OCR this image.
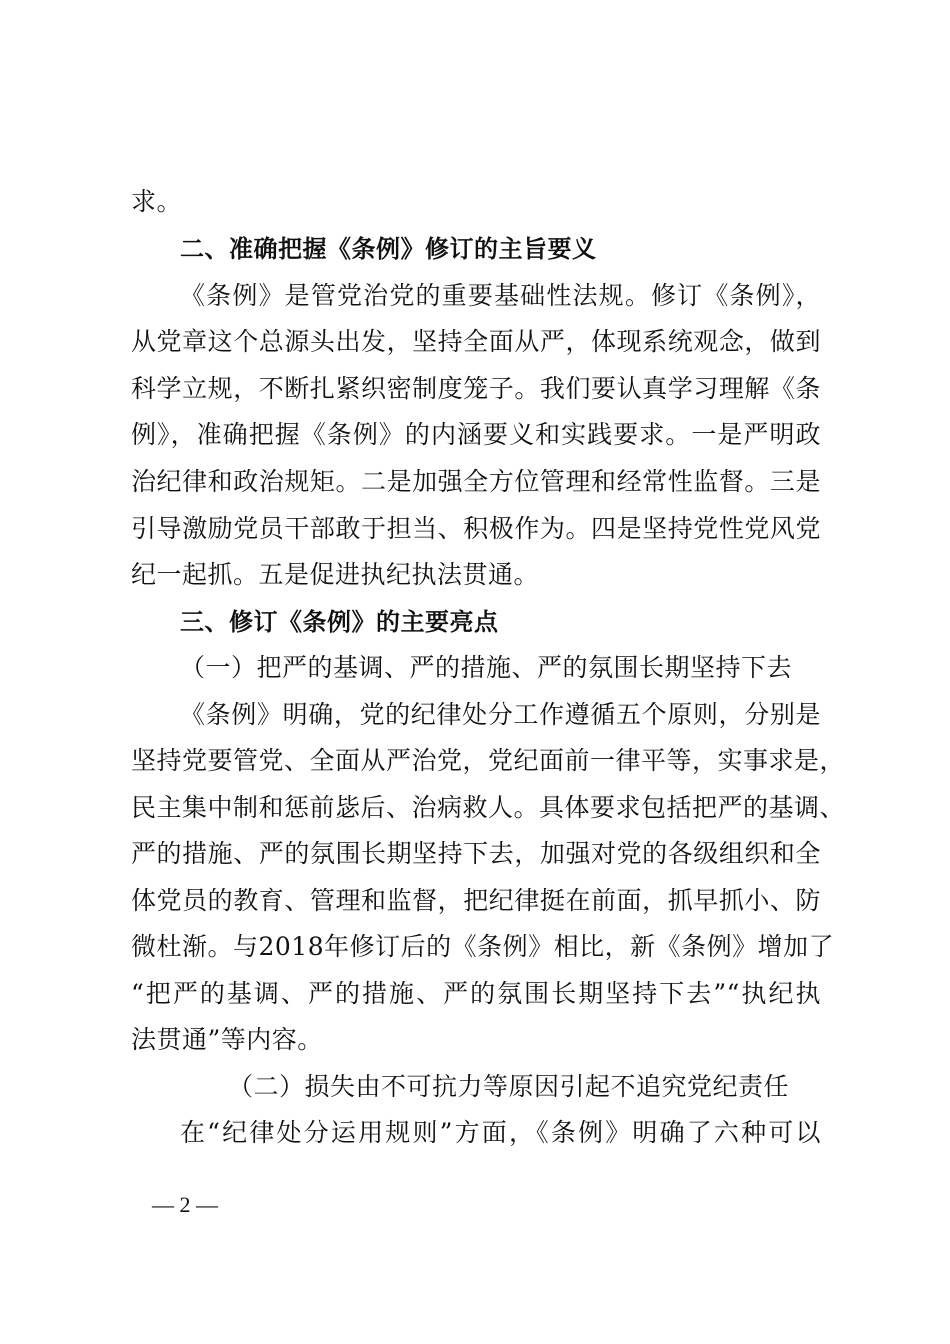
求。
二、准确把握《条例》修订的主旨要义
《条例》是管党治党的重要基础性法规。修订《条例》，
从党章这个总源头出发，坚持全面从严，体现系统观念，做到
科学立规，不断扎紧织密制度笼子。我们要认真学习理解《条
例》，准确把握《条例》的内涵要义和实践要求。一是严明政
治纪律和政治规矩。二是加强全方位管理和经常性监督。三是
引导激励党员干部敢于担当、积极作为。四是坚持党性党风党
纪一起抓。五是促进执纪执法贯通。
三、修订《条例》的主要亮点
（一）把严的基调、严的措施、严的氛围长期坚持下去
《条例》明确，党的纪律处分工作遵循五个原则，分别是
坚持党要管党、全面从严治党，党纪面前一律平等，实事求是，
民主集中制和惩前毖后、治病救人。具体要求包括把严的基调、
严的措施、严的氛围长期坚持下去，加强对党的各级组织和全
体党员的教育、管理和监督，把纪律挺在前面，抓早抓小、防
微杜渐。与2018年修订后的《条例》相比，新《条例》增加了
“把严的基调、严的措施、严的氛围长期坚持下去”“执纪执
法贯通”等内容。
（二）损失由不可抗力等原因引起不追究党纪责任
在“纪律处分运用规则”方面，《条例》明确了六种可以
— 2 —
